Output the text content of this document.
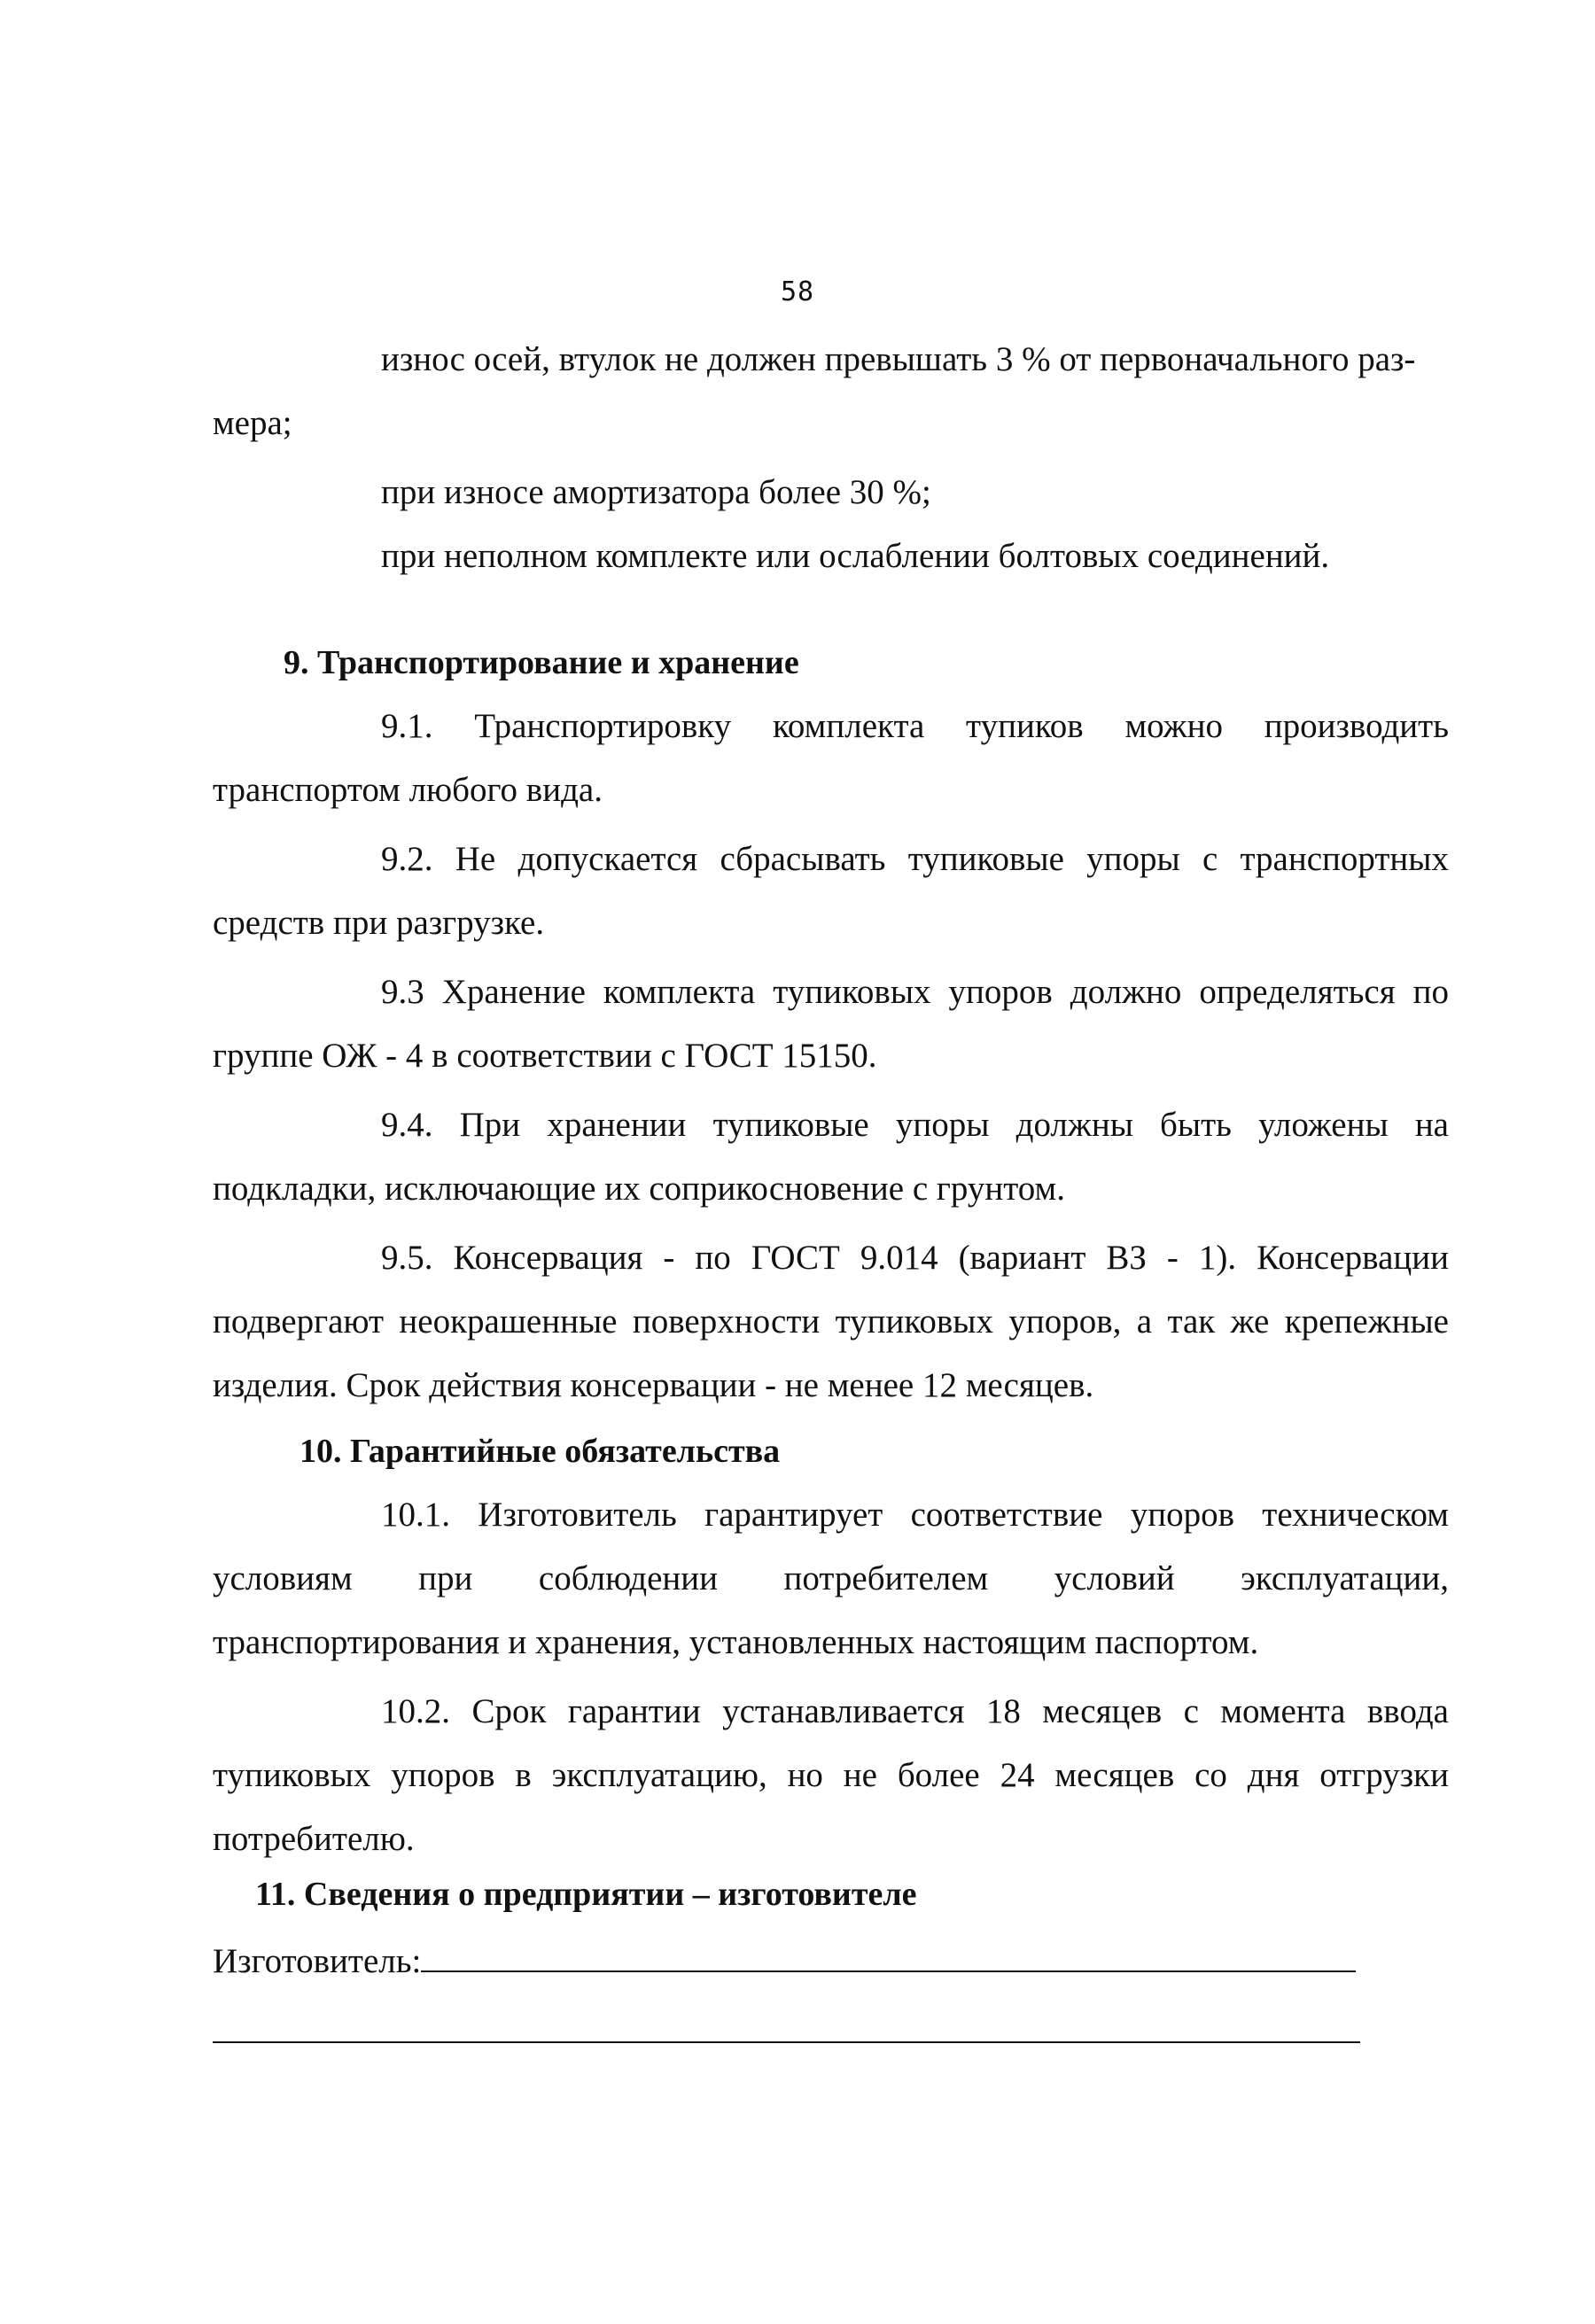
58

износ осей, втулок не должен превышать 3 % от первоначального раз-

мера;

при износе амортизатора более 30 %;

при неполном комплекте или ослаблении болтовых соединений.

9. Транспортирование и хранение

9.1. Транспортировку комплекта тупиков можно производить транспортом любого вида.

9.2. Не допускается сбрасывать тупиковые упоры с транспортных средств при разгрузке.

9.3 Хранение комплекта тупиковых упоров должно определяться по группе ОЖ - 4 в соответствии с ГОСТ 15150.

9.4. При хранении тупиковые упоры должны быть уложены на подкладки, исключающие их соприкосновение с грунтом.

9.5. Консервация - по ГОСТ 9.014 (вариант ВЗ - 1). Консервации подвергают неокрашенные поверхности тупиковых упоров, а так же крепежные изделия. Срок действия консервации - не менее 12 месяцев.

10. Гарантийные обязательства

10.1. Изготовитель гарантирует соответствие упоров техническом условиям при соблюдении потребителем условий эксплуатации, транспортирования и хранения, установленных настоящим паспортом.

10.2. Срок гарантии устанавливается 18 месяцев с момента ввода тупиковых упоров в эксплуатацию, но не более 24 месяцев со дня отгрузки потребителю.

11. Сведения о предприятии – изготовителе

Изготовитель:
